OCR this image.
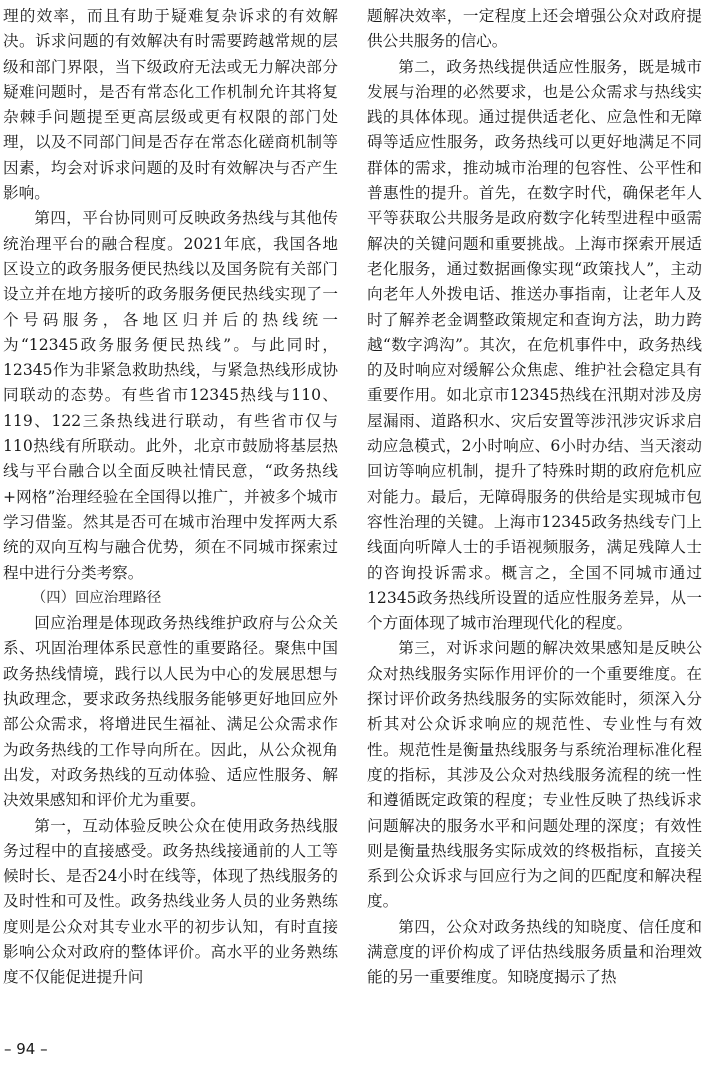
理的效率，而且有助于疑难复杂诉求的有效解决。诉求问题的有效解决有时需要跨越常规的层级和部门界限，当下级政府无法或无力解决部分疑难问题时，是否有常态化工作机制允许其将复杂棘手问题提至更高层级或更有权限的部门处理，以及不同部门间是否存在常态化磋商机制等因素，均会对诉求问题的及时有效解决与否产生影响。

第四，平台协同则可反映政务热线与其他传统治理平台的融合程度。2021年底，我国各地区设立的政务服务便民热线以及国务院有关部门设立并在地方接听的政务服务便民热线实现了一个号码服务，各地区归并后的热线统一为“12345政务服务便民热线”。与此同时，12345作为非紧急救助热线，与紧急热线形成协同联动的态势。有些省市12345热线与110、119、122三条热线进行联动，有些省市仅与110热线有所联动。此外，北京市鼓励将基层热线与平台融合以全面反映社情民意，“政务热线+网格”治理经验在全国得以推广，并被多个城市学习借鉴。然其是否可在城市治理中发挥两大系统的双向互构与融合优势，须在不同城市探索过程中进行分类考察。

（四）回应治理路径

回应治理是体现政务热线维护政府与公众关系、巩固治理体系民意性的重要路径。聚焦中国政务热线情境，践行以人民为中心的发展思想与执政理念，要求政务热线服务能够更好地回应外部公众需求，将增进民生福祉、满足公众需求作为政务热线的工作导向所在。因此，从公众视角出发，对政务热线的互动体验、适应性服务、解决效果感知和评价尤为重要。

第一，互动体验反映公众在使用政务热线服务过程中的直接感受。政务热线接通前的人工等候时长、是否24小时在线等，体现了热线服务的及时性和可及性。政务热线业务人员的业务熟练度则是公众对其专业水平的初步认知，有时直接影响公众对政府的整体评价。高水平的业务熟练度不仅能促进提升问

题解决效率，一定程度上还会增强公众对政府提供公共服务的信心。

第二，政务热线提供适应性服务，既是城市发展与治理的必然要求，也是公众需求与热线实践的具体体现。通过提供适老化、应急性和无障碍等适应性服务，政务热线可以更好地满足不同群体的需求，推动城市治理的包容性、公平性和普惠性的提升。首先，在数字时代，确保老年人平等获取公共服务是政府数字化转型进程中亟需解决的关键问题和重要挑战。上海市探索开展适老化服务，通过数据画像实现“政策找人”，主动向老年人外拨电话、推送办事指南，让老年人及时了解养老金调整政策规定和查询方法，助力跨越“数字鸿沟”。其次，在危机事件中，政务热线的及时响应对缓解公众焦虑、维护社会稳定具有重要作用。如北京市12345热线在汛期对涉及房屋漏雨、道路积水、灾后安置等涉汛涉灾诉求启动应急模式，2小时响应、6小时办结、当天滚动回访等响应机制，提升了特殊时期的政府危机应对能力。最后，无障碍服务的供给是实现城市包容性治理的关键。上海市12345政务热线专门上线面向听障人士的手语视频服务，满足残障人士的咨询投诉需求。概言之，全国不同城市通过12345政务热线所设置的适应性服务差异，从一个方面体现了城市治理现代化的程度。

第三，对诉求问题的解决效果感知是反映公众对热线服务实际作用评价的一个重要维度。在探讨评价政务热线服务的实际效能时，须深入分析其对公众诉求响应的规范性、专业性与有效性。规范性是衡量热线服务与系统治理标准化程度的指标，其涉及公众对热线服务流程的统一性和遵循既定政策的程度；专业性反映了热线诉求问题解决的服务水平和问题处理的深度；有效性则是衡量热线服务实际成效的终极指标，直接关系到公众诉求与回应行为之间的匹配度和解决程度。

第四，公众对政务热线的知晓度、信任度和满意度的评价构成了评估热线服务质量和治理效能的另一重要维度。知晓度揭示了热

– 94 –
